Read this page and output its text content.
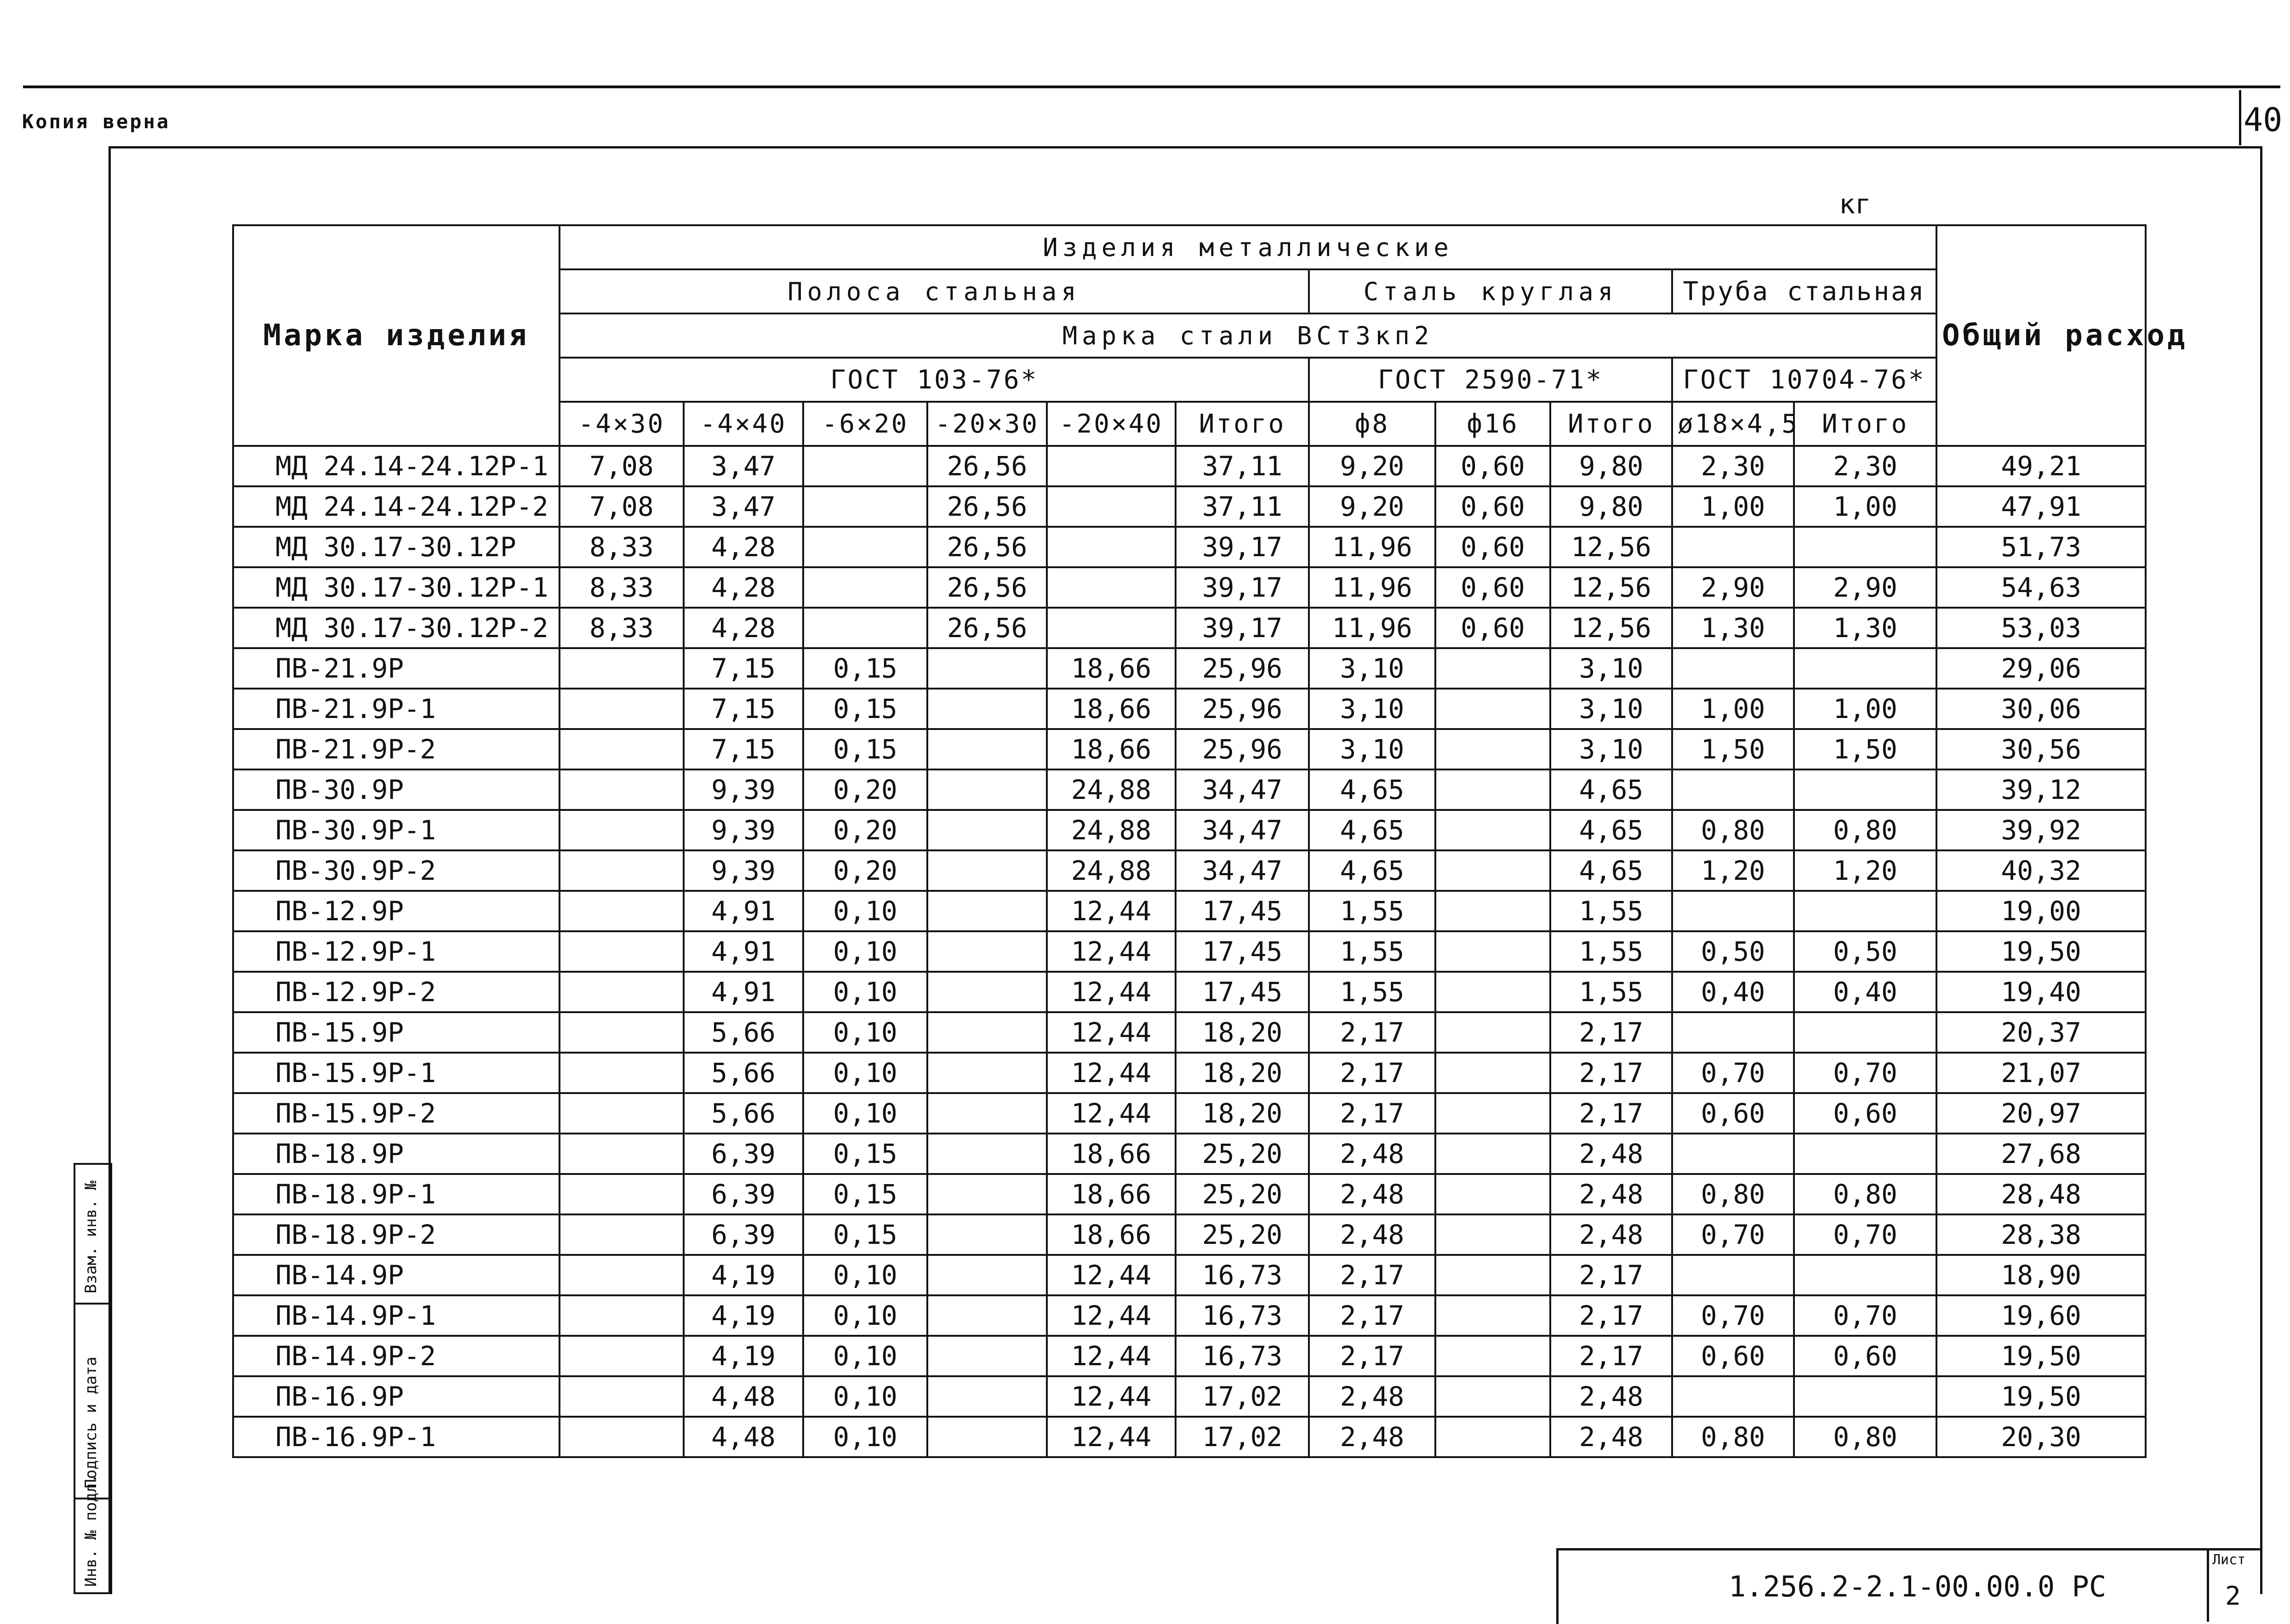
40
Копия верна
кг
Марка изделия	Изделия металлические											Общий расход
	Полоса стальная						Сталь круглая			Труба стальная		
	Марка стали ВСт3кп2											
	ГОСТ 103-76*						ГОСТ 2590-71*			ГОСТ 10704-76*		
	-4×30	-4×40	-6×20	-20×30	-20×40	Итого	ф8	ф16	Итого	ø18×4,5	Итого	
МД 24.14-24.12Р-1	7,08	3,47		26,56		37,11	9,20	0,60	9,80	2,30	2,30	49,21
МД 24.14-24.12Р-2	7,08	3,47		26,56		37,11	9,20	0,60	9,80	1,00	1,00	47,91
МД 30.17-30.12Р	8,33	4,28		26,56		39,17	11,96	0,60	12,56			51,73
МД 30.17-30.12Р-1	8,33	4,28		26,56		39,17	11,96	0,60	12,56	2,90	2,90	54,63
МД 30.17-30.12Р-2	8,33	4,28		26,56		39,17	11,96	0,60	12,56	1,30	1,30	53,03
ПВ-21.9Р		7,15	0,15		18,66	25,96	3,10		3,10			29,06
ПВ-21.9Р-1		7,15	0,15		18,66	25,96	3,10		3,10	1,00	1,00	30,06
ПВ-21.9Р-2		7,15	0,15		18,66	25,96	3,10		3,10	1,50	1,50	30,56
ПВ-30.9Р		9,39	0,20		24,88	34,47	4,65		4,65			39,12
ПВ-30.9Р-1		9,39	0,20		24,88	34,47	4,65		4,65	0,80	0,80	39,92
ПВ-30.9Р-2		9,39	0,20		24,88	34,47	4,65		4,65	1,20	1,20	40,32
ПВ-12.9Р		4,91	0,10		12,44	17,45	1,55		1,55			19,00
ПВ-12.9Р-1		4,91	0,10		12,44	17,45	1,55		1,55	0,50	0,50	19,50
ПВ-12.9Р-2		4,91	0,10		12,44	17,45	1,55		1,55	0,40	0,40	19,40
ПВ-15.9Р		5,66	0,10		12,44	18,20	2,17		2,17			20,37
ПВ-15.9Р-1		5,66	0,10		12,44	18,20	2,17		2,17	0,70	0,70	21,07
ПВ-15.9Р-2		5,66	0,10		12,44	18,20	2,17		2,17	0,60	0,60	20,97
ПВ-18.9Р		6,39	0,15		18,66	25,20	2,48		2,48			27,68
ПВ-18.9Р-1		6,39	0,15		18,66	25,20	2,48		2,48	0,80	0,80	28,48
ПВ-18.9Р-2		6,39	0,15		18,66	25,20	2,48		2,48	0,70	0,70	28,38
ПВ-14.9Р		4,19	0,10		12,44	16,73	2,17		2,17			18,90
ПВ-14.9Р-1		4,19	0,10		12,44	16,73	2,17		2,17	0,70	0,70	19,60
ПВ-14.9Р-2		4,19	0,10		12,44	16,73	2,17		2,17	0,60	0,60	19,50
ПВ-16.9Р		4,48	0,10		12,44	17,02	2,48		2,48			19,50
ПВ-16.9Р-1		4,48	0,10		12,44	17,02	2,48		2,48	0,80	0,80	20,30
1.256.2-2.1-00.00.0 РС
Лист
2
Взам. инв. №
Подпись и дата
Инв. № подл.
